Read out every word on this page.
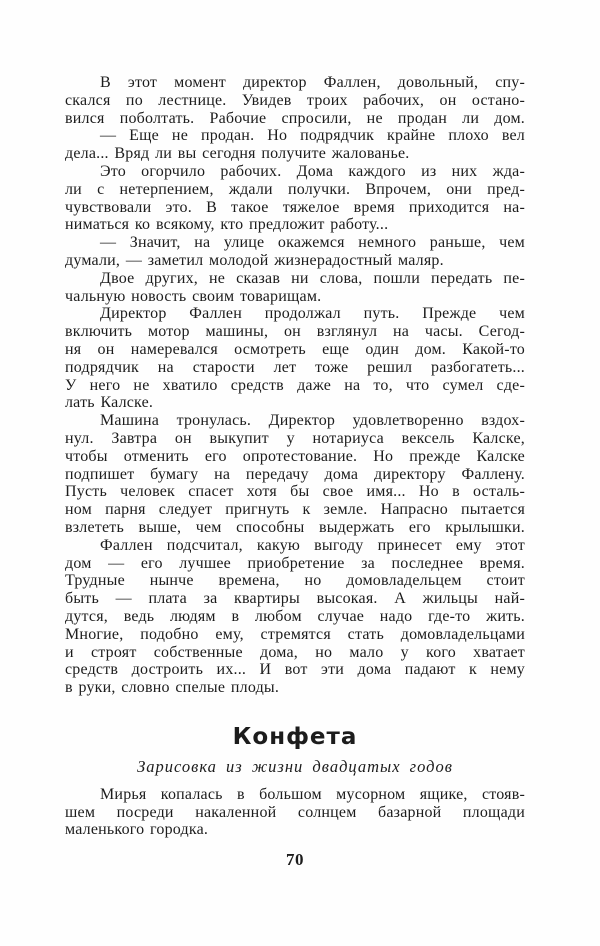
В этот момент директор Фаллен, довольный, спу-
скался по лестнице. Увидев троих рабочих, он остано-
вился поболтать. Рабочие спросили, не продан ли дом.
— Еще не продан. Но подрядчик крайне плохо вел
дела... Вряд ли вы сегодня получите жалованье.
Это огорчило рабочих. Дома каждого из них жда-
ли с нетерпением, ждали получки. Впрочем, они пред-
чувствовали это. В такое тяжелое время приходится на-
ниматься ко всякому, кто предложит работу...
— Значит, на улице окажемся немного раньше, чем
думали, — заметил молодой жизнерадостный маляр.
Двое других, не сказав ни слова, пошли передать пе-
чальную новость своим товарищам.
Директор Фаллен продолжал путь. Прежде чем
включить мотор машины, он взглянул на часы. Сегод-
ня он намеревался осмотреть еще один дом. Какой-то
подрядчик на старости лет тоже решил разбогатеть...
У него не хватило средств даже на то, что сумел сде-
лать Калске.
Машина тронулась. Директор удовлетворенно вздох-
нул. Завтра он выкупит у нотариуса вексель Калске,
чтобы отменить его опротестование. Но прежде Калске
подпишет бумагу на передачу дома директору Фаллену.
Пусть человек спасет хотя бы свое имя... Но в осталь-
ном парня следует пригнуть к земле. Напрасно пытается
взлететь выше, чем способны выдержать его крылышки.
Фаллен подсчитал, какую выгоду принесет ему этот
дом — его лучшее приобретение за последнее время.
Трудные нынче времена, но домовладельцем стоит
быть — плата за квартиры высокая. А жильцы най-
дутся, ведь людям в любом случае надо где-то жить.
Многие, подобно ему, стремятся стать домовладельцами
и строят собственные дома, но мало у кого хватает
средств достроить их... И вот эти дома падают к нему
в руки, словно спелые плоды.
Конфета
Зарисовка из жизни двадцатых годов
Мирья копалась в большом мусорном ящике, стояв-
шем посреди накаленной солнцем базарной площади
маленького городка.
70
